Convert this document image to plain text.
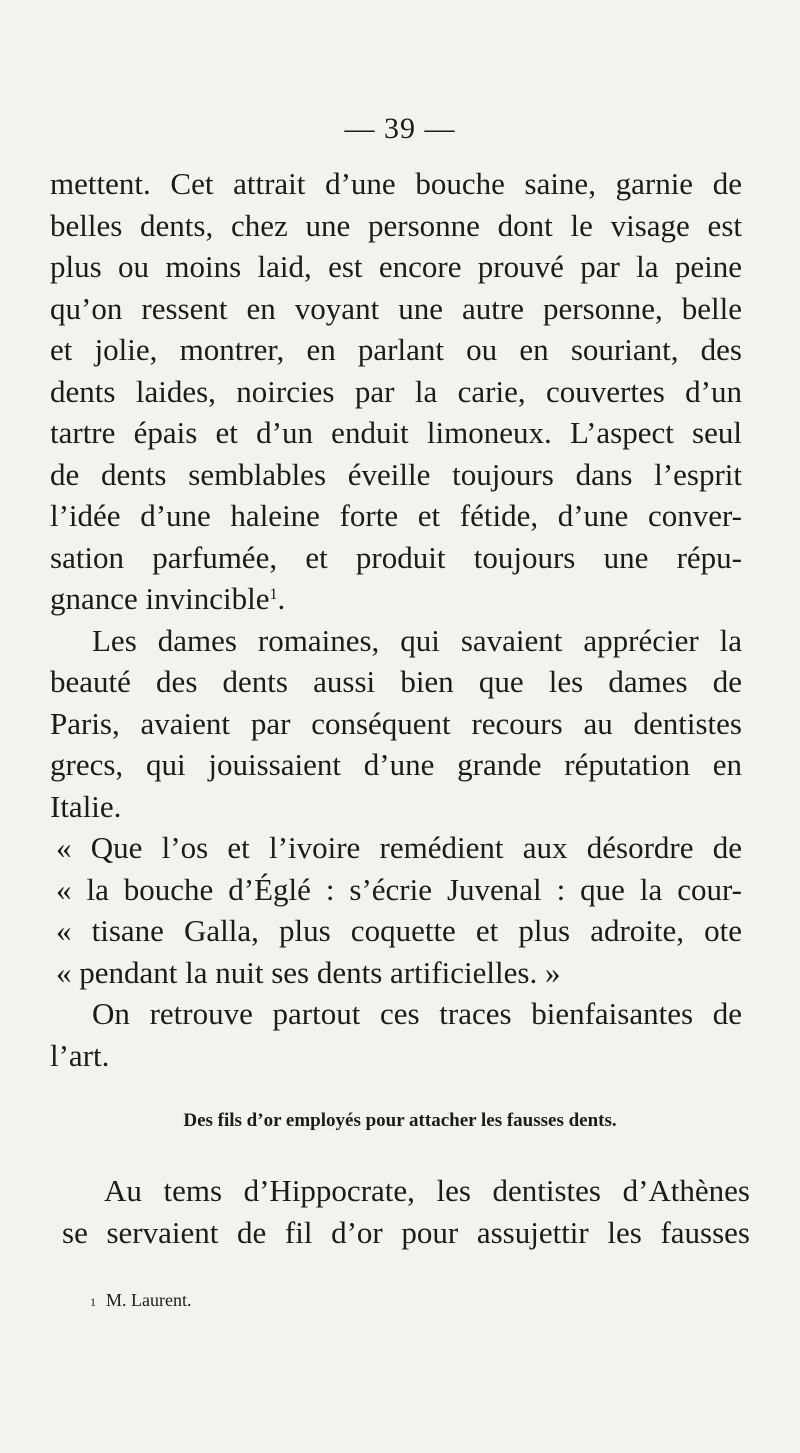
— 39 —
mettent. Cet attrait d’une bouche saine, garnie de
belles dents, chez une personne dont le visage est
plus ou moins laid, est encore prouvé par la peine
qu’on ressent en voyant une autre personne, belle
et jolie, montrer, en parlant ou en souriant, des
dents laides, noircies par la carie, couvertes d’un
tartre épais et d’un enduit limoneux. L’aspect seul
de dents semblables éveille toujours dans l’esprit
l’idée d’une haleine forte et fétide, d’une conver-
sation parfumée, et produit toujours une répu-
gnance invincible$^1$.
Les dames romaines, qui savaient apprécier la
beauté des dents aussi bien que les dames de
Paris, avaient par conséquent recours au dentistes
grecs, qui jouissaient d’une grande réputation en
Italie.
« Que l’os et l’ivoire remédient aux désordre de
« la bouche d’Églé : s’écrie Juvenal : que la cour-
« tisane Galla, plus coquette et plus adroite, ote
« pendant la nuit ses dents artificielles. »
On retrouve partout ces traces bienfaisantes de
l’art.
Des fils d’or employés pour attacher les fausses dents.
Au tems d’Hippocrate, les dentistes d’Athènes
se servaient de fil d’or pour assujettir les fausses
1 M. Laurent.
